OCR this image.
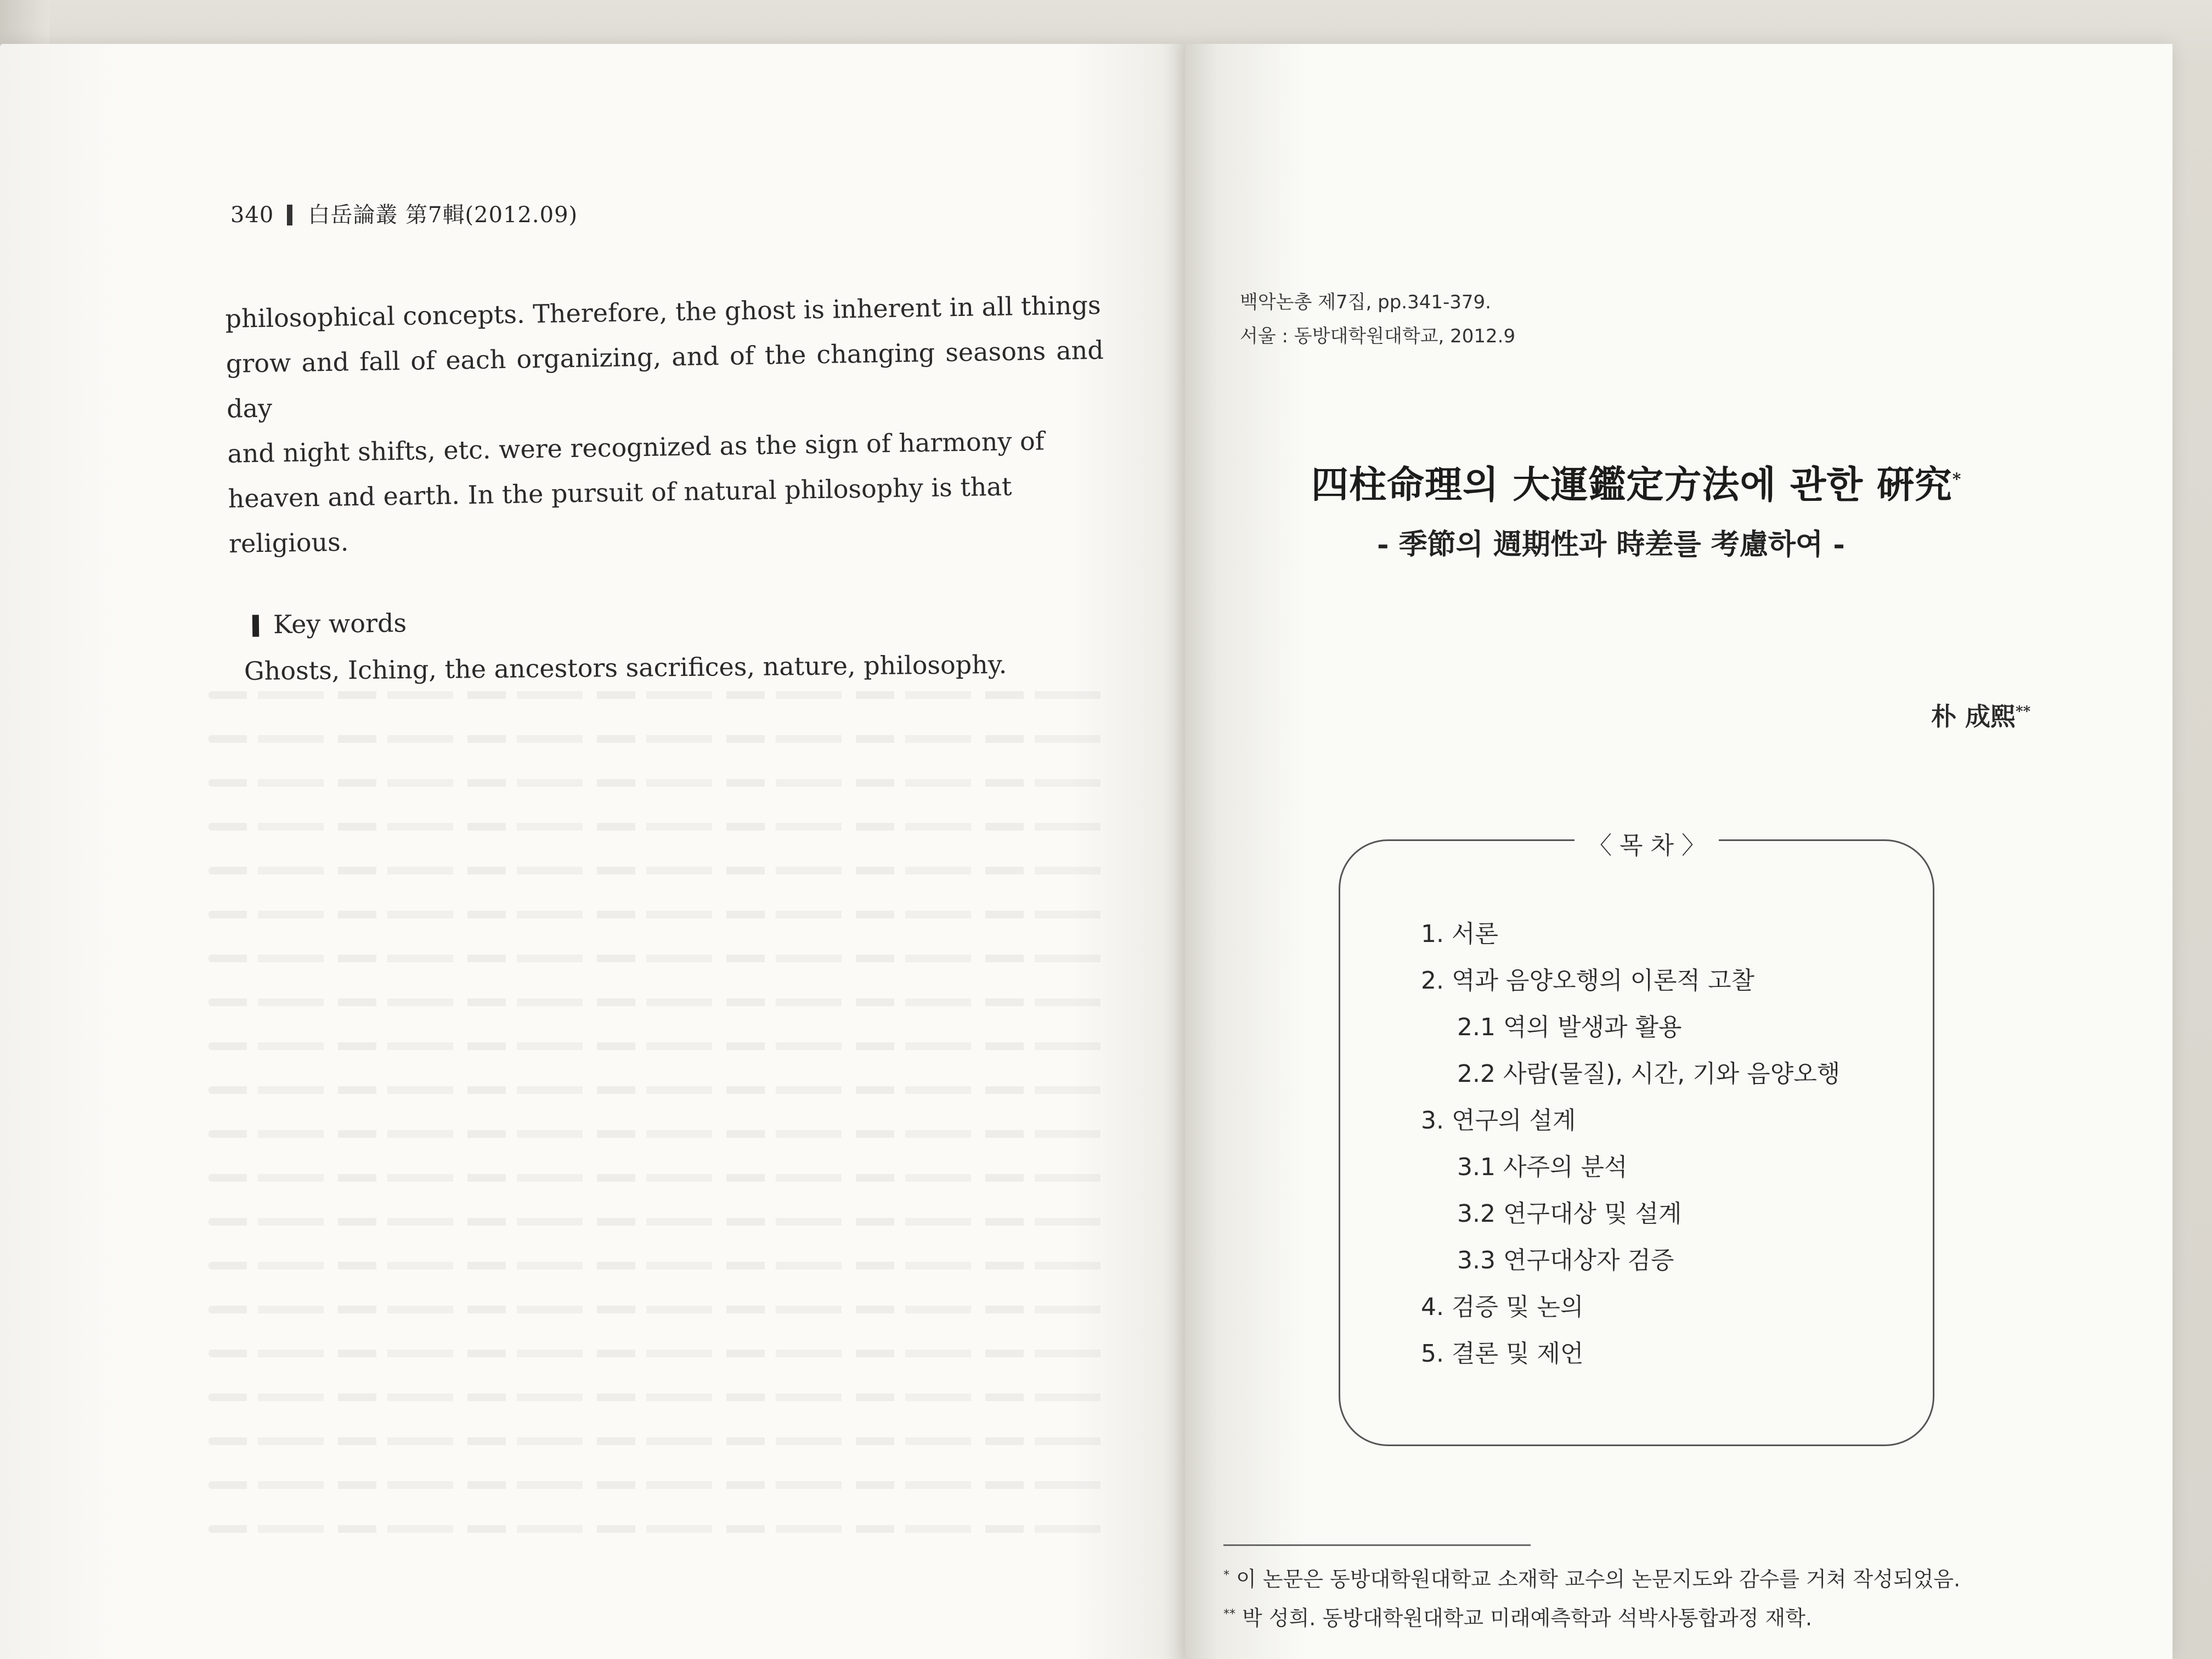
340 白岳論叢 第7輯(2012.09)
philosophical concepts. Therefore, the ghost is inherent in all things
grow and fall of each organizing, and of the changing seasons and day
and night shifts, etc. were recognized as the sign of harmony of
heaven and earth. In the pursuit of natural philosophy is that
religious.
Key words
Ghosts, Iching, the ancestors sacrifices, nature, philosophy.
백악논총 제7집, pp.341-379.
서울 : 동방대학원대학교, 2012.9
四柱命理의 大運鑑定方法에 관한 硏究*
- 季節의 週期性과 時差를 考慮하여 -
朴 成熙**
〈 목 차 〉
1. 서론
2. 역과 음양오행의 이론적 고찰
2.1 역의 발생과 활용
2.2 사람(물질), 시간, 기와 음양오행
3. 연구의 설계
3.1 사주의 분석
3.2 연구대상 및 설계
3.3 연구대상자 검증
4. 검증 및 논의
5. 결론 및 제언
* 이 논문은 동방대학원대학교 소재학 교수의 논문지도와 감수를 거쳐 작성되었음.
** 박 성희. 동방대학원대학교 미래예측학과 석박사통합과정 재학.
